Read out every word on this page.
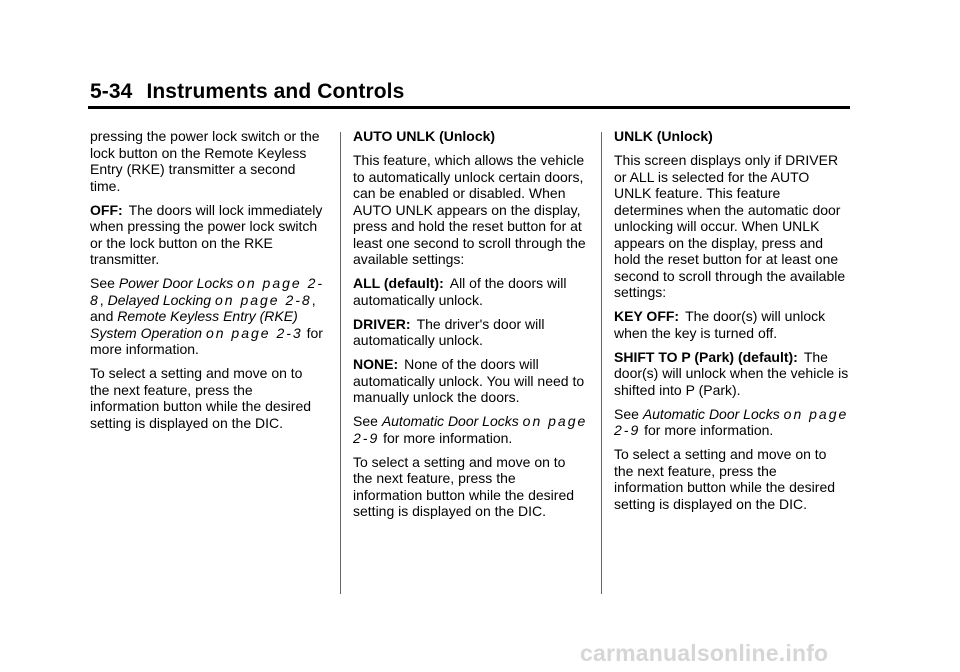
5-34 Instruments and Controls

pressing the power lock switch or the lock button on the Remote Keyless Entry (RKE) transmitter a second time.

OFF: The doors will lock immediately when pressing the power lock switch or the lock button on the RKE transmitter.

See Power Door Locks on page 2-8, Delayed Locking on page 2-8, and Remote Keyless Entry (RKE) System Operation on page 2-3 for more information.

To select a setting and move on to the next feature, press the information button while the desired setting is displayed on the DIC.

AUTO UNLK (Unlock)

This feature, which allows the vehicle to automatically unlock certain doors, can be enabled or disabled. When AUTO UNLK appears on the display, press and hold the reset button for at least one second to scroll through the available settings:

ALL (default): All of the doors will automatically unlock.

DRIVER: The driver's door will automatically unlock.

NONE: None of the doors will automatically unlock. You will need to manually unlock the doors.

See Automatic Door Locks on page 2-9 for more information.

To select a setting and move on to the next feature, press the information button while the desired setting is displayed on the DIC.

UNLK (Unlock)

This screen displays only if DRIVER or ALL is selected for the AUTO UNLK feature. This feature determines when the automatic door unlocking will occur. When UNLK appears on the display, press and hold the reset button for at least one second to scroll through the available settings:

KEY OFF: The door(s) will unlock when the key is turned off.

SHIFT TO P (Park) (default): The door(s) will unlock when the vehicle is shifted into P (Park).

See Automatic Door Locks on page 2-9 for more information.

To select a setting and move on to the next feature, press the information button while the desired setting is displayed on the DIC.

carmanualsonline.info
